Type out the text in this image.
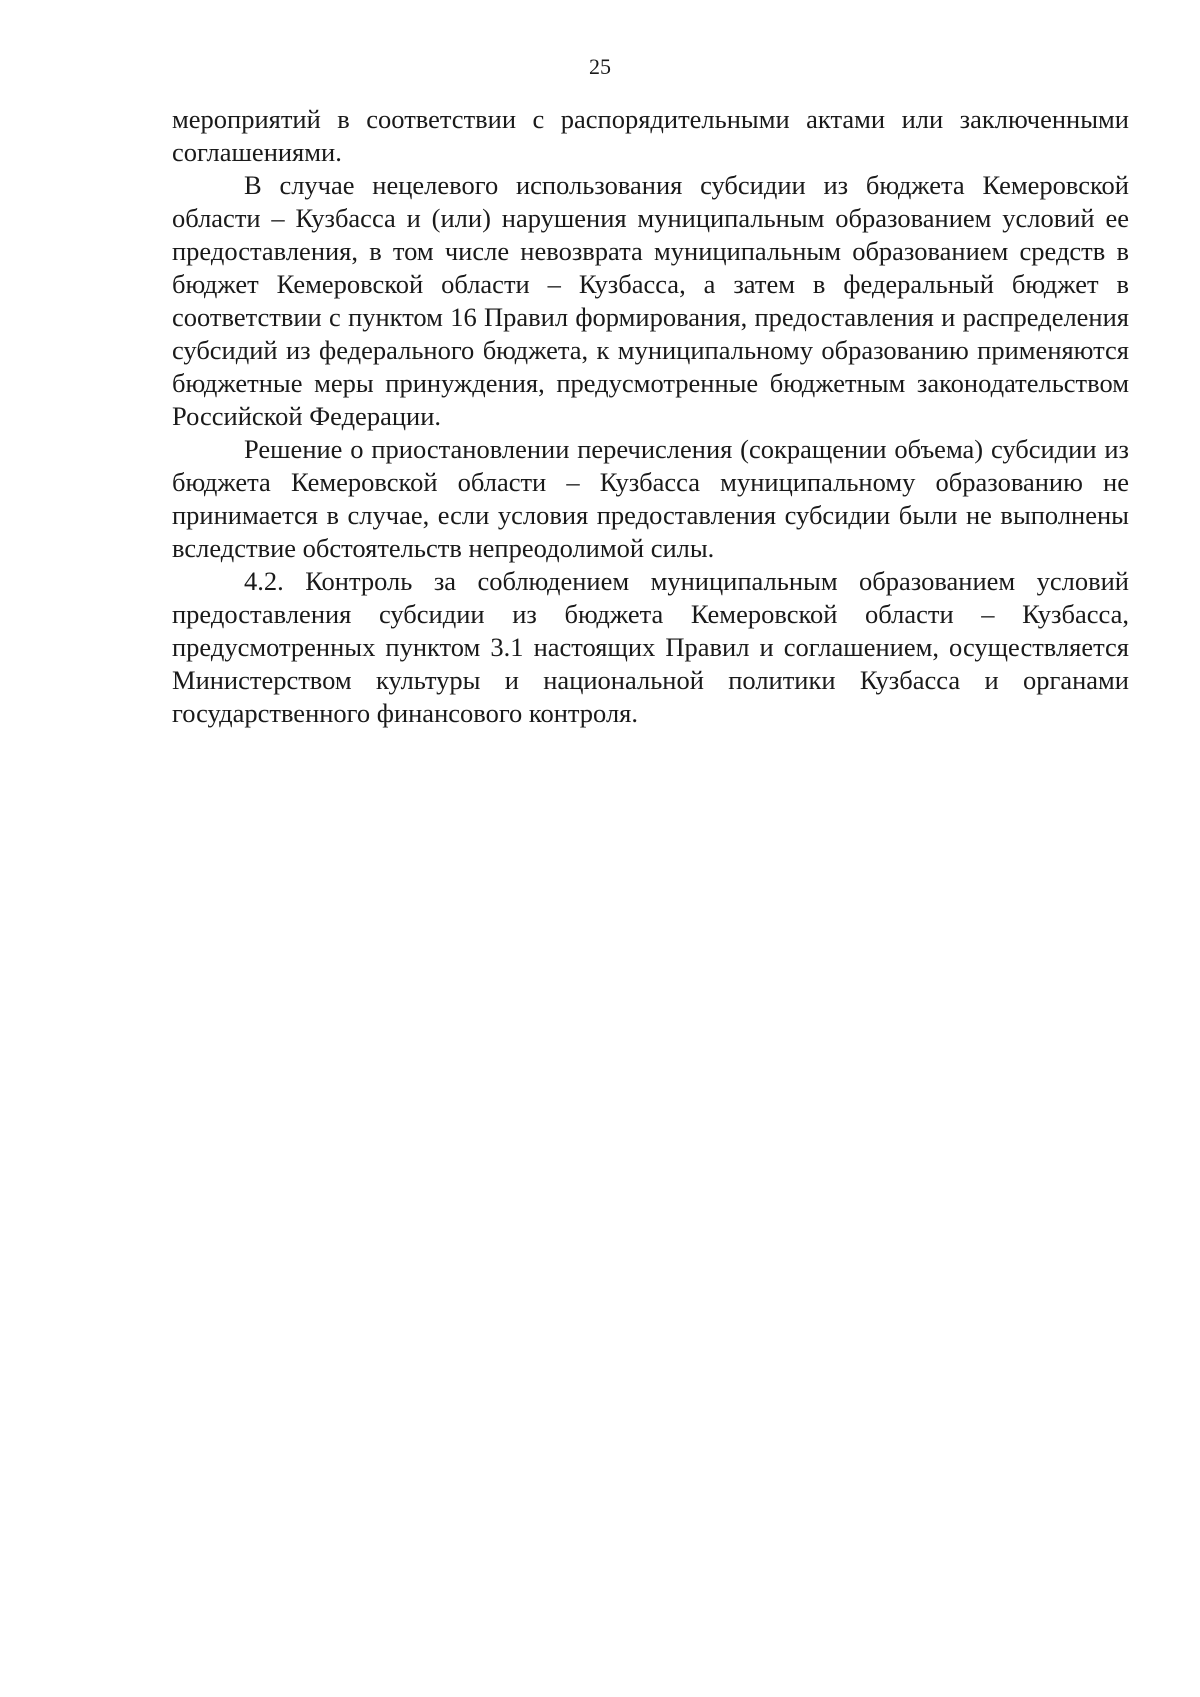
25

мероприятий в соответствии с распорядительными актами или заключенными соглашениями.

В случае нецелевого использования субсидии из бюджета Кемеровской области – Кузбасса и (или) нарушения муниципальным образованием условий ее предоставления, в том числе невозврата муниципальным образованием средств в бюджет Кемеровской области – Кузбасса, а затем в федеральный бюджет в соответствии с пунктом 16 Правил формирования, предоставления и распределения субсидий из федерального бюджета, к муниципальному образованию применяются бюджетные меры принуждения, предусмотренные бюджетным законодательством Российской Федерации.

Решение о приостановлении перечисления (сокращении объема) субсидии из бюджета Кемеровской области – Кузбасса муниципальному образованию не принимается в случае, если условия предоставления субсидии были не выполнены вследствие обстоятельств непреодолимой силы.

4.2. Контроль за соблюдением муниципальным образованием условий предоставления субсидии из бюджета Кемеровской области – Кузбасса, предусмотренных пунктом 3.1 настоящих Правил и соглашением, осуществляется Министерством культуры и национальной политики Кузбасса и органами государственного финансового контроля.
